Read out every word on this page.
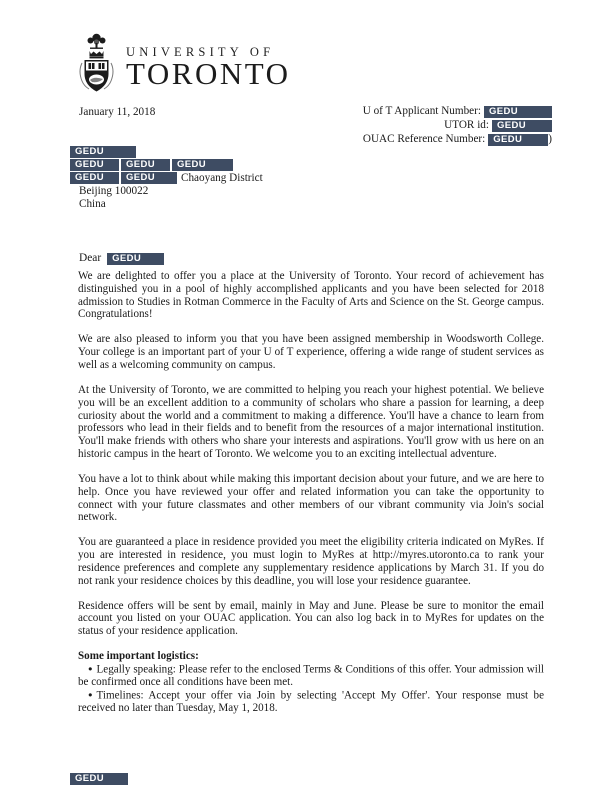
UNIVERSITY OF
TORONTO
January 11, 2018	U of T Applicant Number: GEDU
UTOR id: GEDU
OUAC Reference Number: GEDU )
GEDU
GEDU GEDU GEDU
GEDU GEDU Chaoyang District
Beijing 100022
China
Dear GEDU

We are delighted to offer you a place at the University of Toronto. Your record of achievement has distinguished you in a pool of highly accomplished applicants and you have been selected for 2018 admission to Studies in Rotman Commerce in the Faculty of Arts and Science on the St. George campus. Congratulations!

We are also pleased to inform you that you have been assigned membership in Woodsworth College. Your college is an important part of your U of T experience, offering a wide range of student services as well as a welcoming community on campus.

At the University of Toronto, we are committed to helping you reach your highest potential. We believe you will be an excellent addition to a community of scholars who share a passion for learning, a deep curiosity about the world and a commitment to making a difference. You'll have a chance to learn from professors who lead in their fields and to benefit from the resources of a major international institution. You'll make friends with others who share your interests and aspirations. You'll grow with us here on an historic campus in the heart of Toronto. We welcome you to an exciting intellectual adventure.

You have a lot to think about while making this important decision about your future, and we are here to help. Once you have reviewed your offer and related information you can take the opportunity to connect with your future classmates and other members of our vibrant community via Join's social network.

You are guaranteed a place in residence provided you meet the eligibility criteria indicated on MyRes. If you are interested in residence, you must login to MyRes at http://myres.utoronto.ca to rank your residence preferences and complete any supplementary residence applications by March 31. If you do not rank your residence choices by this deadline, you will lose your residence guarantee.

Residence offers will be sent by email, mainly in May and June. Please be sure to monitor the email account you listed on your OUAC application. You can also log back in to MyRes for updates on the status of your residence application.

Some important logistics:

● Legally speaking: Please refer to the enclosed Terms & Conditions of this offer. Your admission will be confirmed once all conditions have been met.

● Timelines: Accept your offer via Join by selecting 'Accept My Offer'. Your response must be received no later than Tuesday, May 1, 2018.

GEDU
